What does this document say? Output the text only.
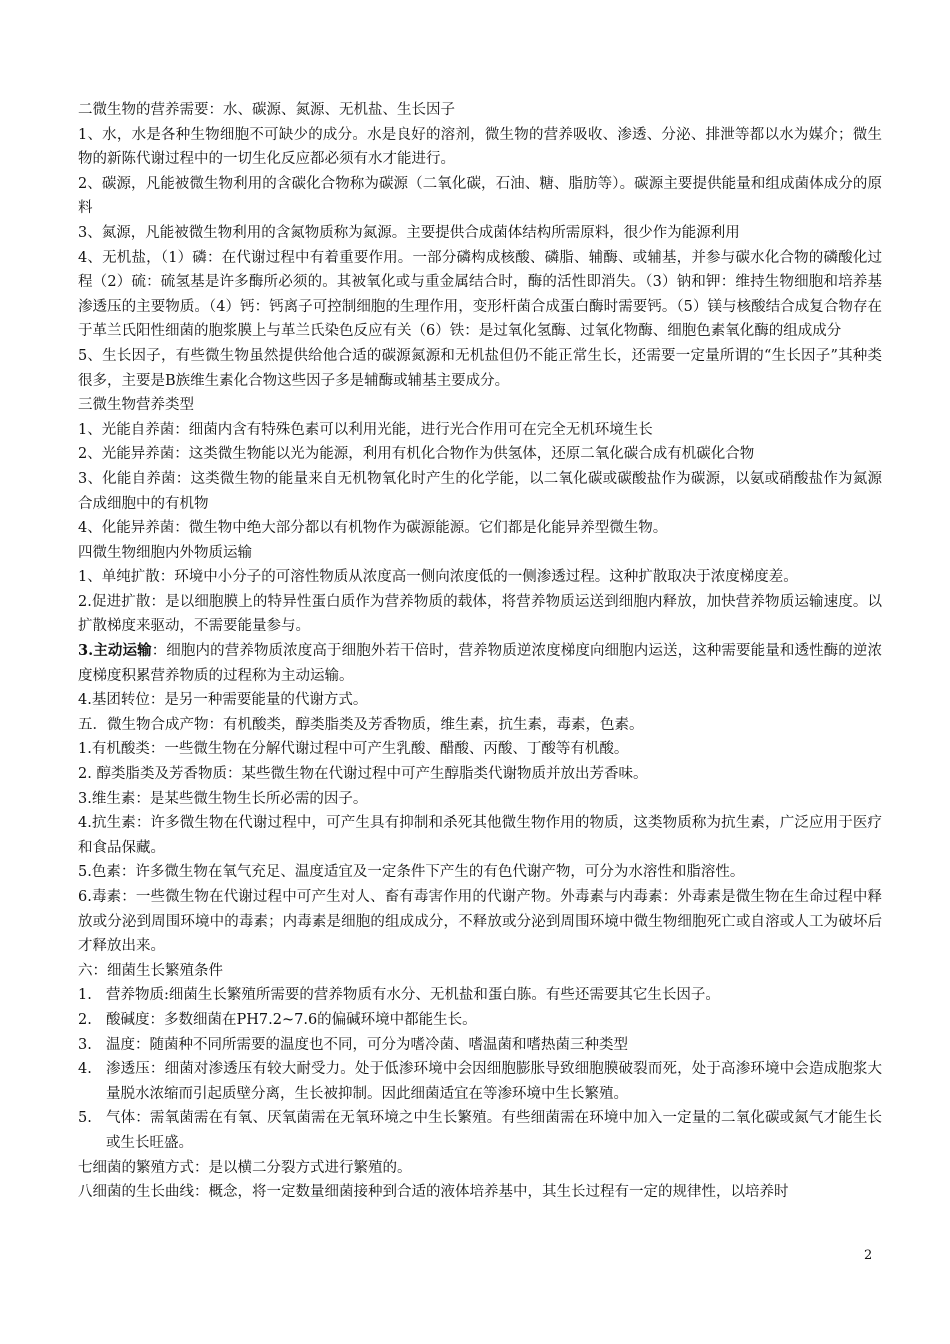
二微生物的营养需要：水、碳源、氮源、无机盐、生长因子

1、水，水是各种生物细胞不可缺少的成分。水是良好的溶剂，微生物的营养吸收、渗透、分泌、排泄等都以水为媒介；微生物的新陈代谢过程中的一切生化反应都必须有水才能进行。

2、碳源，凡能被微生物利用的含碳化合物称为碳源（二氧化碳，石油、糖、脂肪等）。碳源主要提供能量和组成菌体成分的原料

3、氮源，凡能被微生物利用的含氮物质称为氮源。主要提供合成菌体结构所需原料，很少作为能源利用

4、无机盐，（1）磷：在代谢过程中有着重要作用。一部分磷构成核酸、磷脂、辅酶、或辅基，并参与碳水化合物的磷酸化过程（2）硫：硫氢基是许多酶所必须的。其被氧化或与重金属结合时，酶的活性即消失。（3）钠和钾：维持生物细胞和培养基渗透压的主要物质。（4）钙：钙离子可控制细胞的生理作用，变形杆菌合成蛋白酶时需要钙。（5）镁与核酸结合成复合物存在于革兰氏阳性细菌的胞浆膜上与革兰氏染色反应有关（6）铁：是过氧化氢酶、过氧化物酶、细胞色素氧化酶的组成成分

5、生长因子，有些微生物虽然提供给他合适的碳源氮源和无机盐但仍不能正常生长，还需要一定量所谓的“生长因子”其种类很多，主要是B族维生素化合物这些因子多是辅酶或辅基主要成分。

三微生物营养类型

1、光能自养菌：细菌内含有特殊色素可以利用光能，进行光合作用可在完全无机环境生长

2、光能异养菌：这类微生物能以光为能源，利用有机化合物作为供氢体，还原二氧化碳合成有机碳化合物

3、化能自养菌：这类微生物的能量来自无机物氧化时产生的化学能，以二氧化碳或碳酸盐作为碳源，以氨或硝酸盐作为氮源合成细胞中的有机物

4、化能异养菌：微生物中绝大部分都以有机物作为碳源能源。它们都是化能异养型微生物。

四微生物细胞内外物质运输

1、单纯扩散：环境中小分子的可溶性物质从浓度高一侧向浓度低的一侧渗透过程。这种扩散取决于浓度梯度差。

2.促进扩散：是以细胞膜上的特异性蛋白质作为营养物质的载体，将营养物质运送到细胞内释放，加快营养物质运输速度。以扩散梯度来驱动，不需要能量参与。

3.主动运输：细胞内的营养物质浓度高于细胞外若干倍时，营养物质逆浓度梯度向细胞内运送，这种需要能量和透性酶的逆浓度梯度积累营养物质的过程称为主动运输。

4.基团转位：是另一种需要能量的代谢方式。

五．微生物合成产物：有机酸类，醇类脂类及芳香物质，维生素，抗生素，毒素，色素。

1.有机酸类：一些微生物在分解代谢过程中可产生乳酸、醋酸、丙酸、丁酸等有机酸。

2. 醇类脂类及芳香物质：某些微生物在代谢过程中可产生醇脂类代谢物质并放出芳香味。

3.维生素：是某些微生物生长所必需的因子。

4.抗生素：许多微生物在代谢过程中，可产生具有抑制和杀死其他微生物作用的物质，这类物质称为抗生素，广泛应用于医疗和食品保藏。

5.色素：许多微生物在氧气充足、温度适宜及一定条件下产生的有色代谢产物，可分为水溶性和脂溶性。

6.毒素：一些微生物在代谢过程中可产生对人、畜有毒害作用的代谢产物。外毒素与内毒素：外毒素是微生物在生命过程中释放或分泌到周围环境中的毒素；内毒素是细胞的组成成分，不释放或分泌到周围环境中微生物细胞死亡或自溶或人工为破坏后才释放出来。

六：细菌生长繁殖条件

1. 营养物质:细菌生长繁殖所需要的营养物质有水分、无机盐和蛋白胨。有些还需要其它生长因子。
2. 酸碱度：多数细菌在PH7.2~7.6的偏碱环境中都能生长。
3. 温度：随菌种不同所需要的温度也不同，可分为嗜冷菌、嗜温菌和嗜热菌三种类型
4. 渗透压：细菌对渗透压有较大耐受力。处于低渗环境中会因细胞膨胀导致细胞膜破裂而死，处于高渗环境中会造成胞浆大量脱水浓缩而引起质壁分离，生长被抑制。因此细菌适宜在等渗环境中生长繁殖。
5. 气体：需氧菌需在有氧、厌氧菌需在无氧环境之中生长繁殖。有些细菌需在环境中加入一定量的二氧化碳或氮气才能生长或生长旺盛。

七细菌的繁殖方式：是以横二分裂方式进行繁殖的。

八细菌的生长曲线：概念，将一定数量细菌接种到合适的液体培养基中，其生长过程有一定的规律性，以培养时

2
